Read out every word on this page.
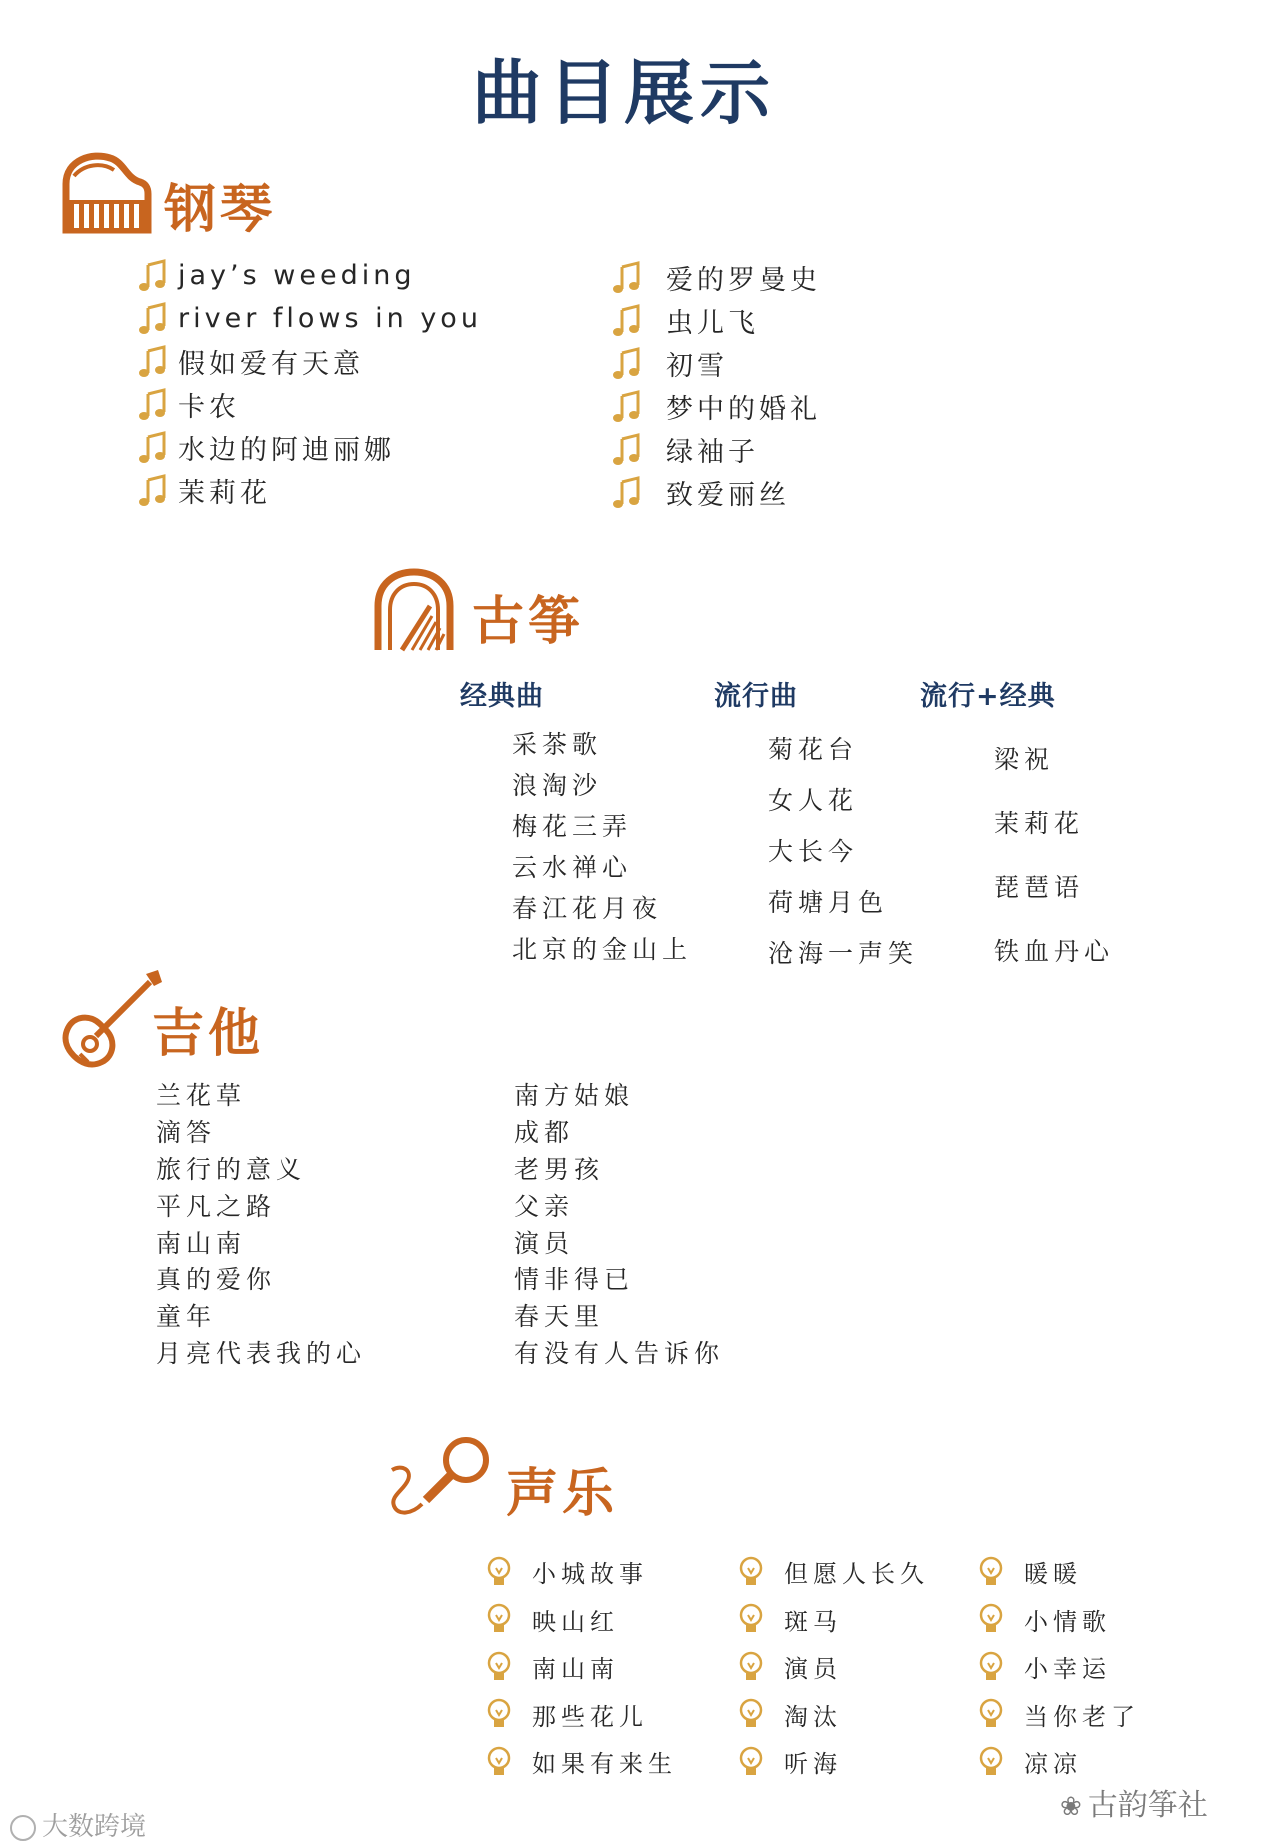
曲目展示
钢琴
jay’s weeding
river flows in you
假如爱有天意
卡农
水边的阿迪丽娜
茉莉花
爱的罗曼史
虫儿飞
初雪
梦中的婚礼
绿袖子
致爱丽丝
古筝
经典曲	流行曲	流行+经典
采茶歌
浪淘沙
梅花三弄
云水禅心
春江花月夜
北京的金山上
菊花台
女人花
大长今
荷塘月色
沧海一声笑
梁祝
茉莉花
琵琶语
铁血丹心
吉他
兰花草
滴答
旅行的意义
平凡之路
南山南
真的爱你
童年
月亮代表我的心
南方姑娘
成都
老男孩
父亲
演员
情非得已
春天里
有没有人告诉你
声乐
小城故事
映山红
南山南
那些花儿
如果有来生
但愿人长久
斑马
演员
淘汰
听海
暖暖
小情歌
小幸运
当你老了
凉凉
大数跨境
❀ 古韵筝社
